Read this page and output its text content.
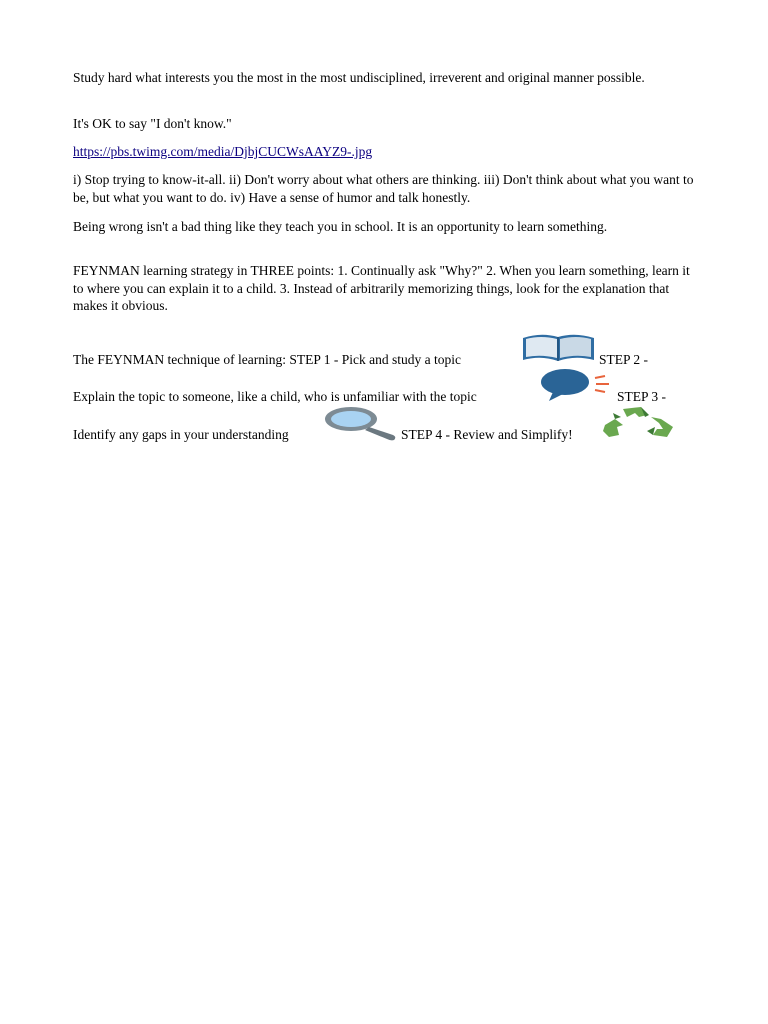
Study hard what interests you the most in the most undisciplined, irreverent and original manner possible.

It's OK to say "I don't know."

https://pbs.twimg.com/media/DjbjCUCWsAAYZ9-.jpg

i) Stop trying to know-it-all. ii) Don't worry about what others are thinking. iii) Don't think about what you want to be, but what you want to do. iv) Have a sense of humor and talk honestly.

Being wrong isn't a bad thing like they teach you in school. It is an opportunity to learn something.

FEYNMAN learning strategy in THREE points: 1. Continually ask "Why?" 2. When you learn something, learn it to where you can explain it to a child. 3. Instead of arbitrarily memorizing things, look for the explanation that makes it obvious.

The FEYNMAN technique of learning: STEP 1 - Pick and study a topic	STEP 2 -
Explain the topic to someone, like a child, who is unfamiliar with the topic	STEP 3 -
Identify any gaps in your understanding	STEP 4 - Review and Simplify!
